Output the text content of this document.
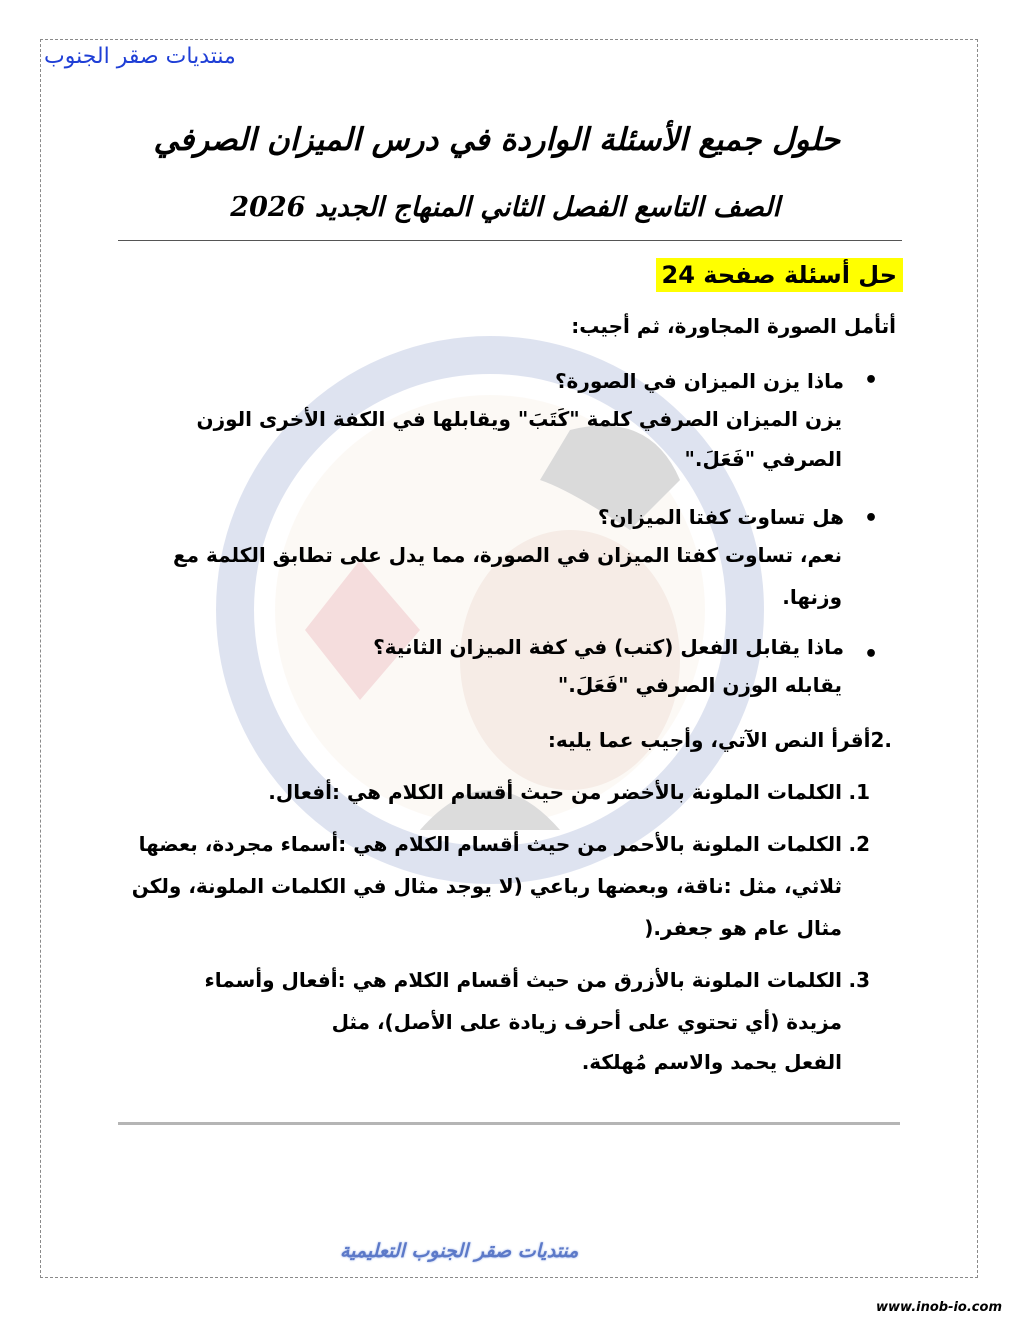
منتديات صقر الجنوب
حلول جميع الأسئلة الواردة في درس الميزان الصرفي
الصف التاسع الفصل الثاني المنهاج الجديد 2026
حل أسئلة صفحة 24
أتأمل الصورة المجاورة، ثم أجيب:
•
ماذا يزن الميزان في الصورة؟
يزن الميزان الصرفي كلمة "كَتَبَ" ويقابلها في الكفة الأخرى الوزن
الصرفي "فَعَلَ."
•
هل تساوت كفتا الميزان؟
نعم، تساوت كفتا الميزان في الصورة، مما يدل على تطابق الكلمة مع
وزنها.
•
ماذا يقابل الفعل (كتب) في كفة الميزان الثانية؟
يقابله الوزن الصرفي "فَعَلَ."
.2أقرأ النص الآتي، وأجيب عما يليه:
1.
الكلمات الملونة بالأخضر من حيث أقسام الكلام هي :أفعال.
2.
الكلمات الملونة بالأحمر من حيث أقسام الكلام هي :أسماء مجردة، بعضها
ثلاثي، مثل :ناقة، وبعضها رباعي (لا يوجد مثال في الكلمات الملونة، ولكن
مثال عام هو جعفر.(
3.
الكلمات الملونة بالأزرق من حيث أقسام الكلام هي :أفعال وأسماء
مزيدة (أي تحتوي على أحرف زيادة على الأصل)، مثل
الفعل يحمد والاسم مُهلكة.
منتديات صقر الجنوب التعليمية
www.inob-io.com
